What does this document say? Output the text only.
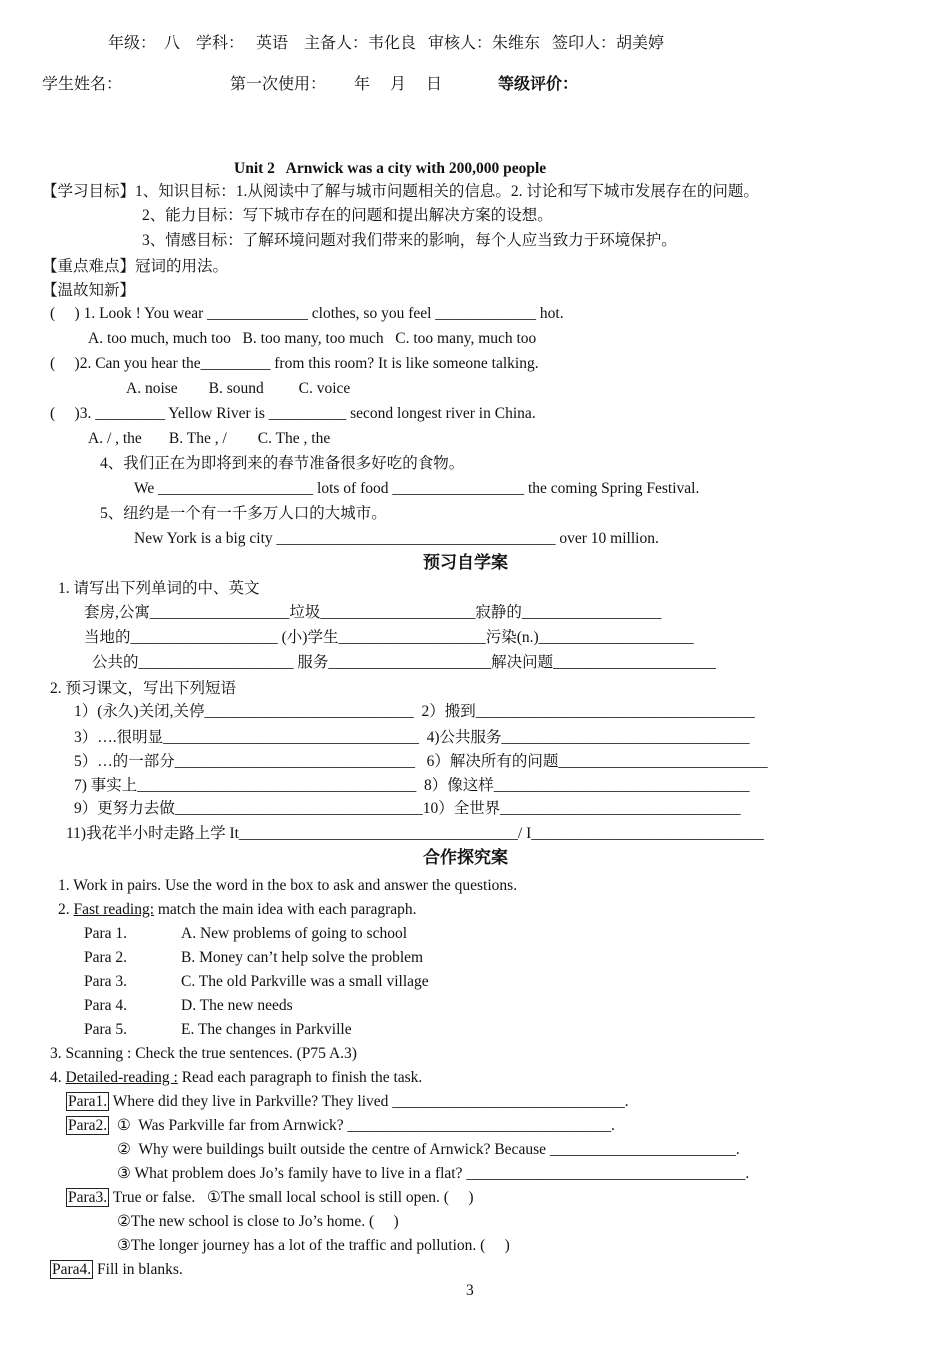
年级：  八    学科：   英语    主备人：韦化良   审核人：朱维东   签印人：胡美婷
学生姓名：	第一次使用：       年     月     日	等级评价：
Unit 2   Arnwick was a city with 200,000 people
【学习目标】1、知识目标：1.从阅读中了解与城市问题相关的信息。2. 讨论和写下城市发展存在的问题。
2、能力目标：写下城市存在的问题和提出解决方案的设想。
3、情感目标：了解环境问题对我们带来的影响，每个人应当致力于环境保护。
【重点难点】冠词的用法。
【温故知新】
(     ) 1. Look ! You wear _____________ clothes, so you feel _____________ hot.
A. too much, much too   B. too many, too much   C. too many, much too
(     )2. Can you hear the_________ from this room? It is like someone talking.
A. noise        B. sound         C. voice
(     )3. _________ Yellow River is __________ second longest river in China.
A. / , the       B. The , /        C. The , the
4、我们正在为即将到来的春节准备很多好吃的食物。
We ____________________ lots of food _________________ the coming Spring Festival.
5、纽约是一个有一千多万人口的大城市。
New York is a big city ____________________________________ over 10 million.
预习自学案
1. 请写出下列单词的中、英文
套房,公寓__________________垃圾____________________寂静的__________________
当地的___________________ (小)学生___________________污染(n.)____________________
公共的____________________ 服务_____________________解决问题_____________________
2. 预习课文，写出下列短语
1）(永久)关闭,关停___________________________  2）搬到____________________________________
3）….很明显_________________________________  4)公共服务________________________________
5）…的一部分_______________________________   6）解决所有的问题___________________________
7) 事实上____________________________________  8）像这样_________________________________
9）更努力去做________________________________10）全世界_______________________________
11)我花半小时走路上学 It____________________________________/ I______________________________
合作探究案
1. Work in pairs. Use the word in the box to ask and answer the questions.
2. Fast reading: match the main idea with each paragraph.
Para 1.	A. New problems of going to school
Para 2.	B. Money can’t help solve the problem
Para 3.	C. The old Parkville was a small village
Para 4.	D. The new needs
Para 5.	E. The changes in Parkville
3. Scanning : Check the true sentences. (P75 A.3)
4. Detailed-reading : Read each paragraph to finish the task.
Para1. Where did they live in Parkville? They lived ______________________________.
Para2.  ①  Was Parkville far from Arnwick? __________________________________.
②  Why were buildings built outside the centre of Arnwick? Because ________________________.
③ What problem does Jo’s family have to live in a flat? ____________________________________.
Para3. True or false.   ①The small local school is still open. (     )
②The new school is close to Jo’s home. (     )
③The longer journey has a lot of the traffic and pollution. (     )
Para4. Fill in blanks.
3
